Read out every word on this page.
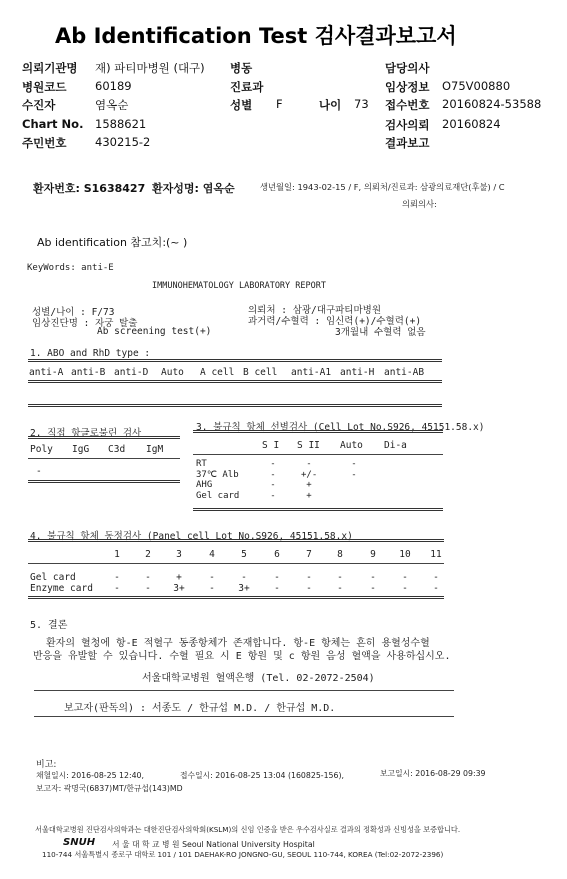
Ab Identification Test 검사결과보고서
의뢰기관명 재) 파티마병원 (대구)
병원코드 60189
수진자	염옥순
Chart No. 1588621
주민번호 430215-2
병동
진료과
성별 F	나이 73
담당의사
임상정보 O75V00880
접수번호 20160824-53588
검사의뢰 20160824
결과보고
환자번호: S1638427 환자성명: 염옥순	생년월일: 1943-02-15 / F, 의뢰처/진료과: 삼광의료재단(후불) / C
의뢰의사:
Ab identification 참고치:(~ )
KeyWords: anti-E
IMMUNOHEMATOLOGY LABORATORY REPORT
성별/나이 : F/73
임상진단명 : 자궁 탈출
Ab screening test(+)
의뢰처 : 삼광/대구파티마병원
과거력/수혈력 : 임신력(+)/수혈력(+)
3개월내 수혈력 없음
1. ABO and RhD type :
anti-A anti-B anti-D Auto A cell B cell anti-A1 anti-H anti-AB
2. 직접 항글로불린 검사
Poly IgG C3d IgM
-
3. 불규칙 항체 선별검사 (Cell Lot No.S926, 45151.58.x)
S I S II Auto Di-a
RT	-	-	-
37℃ Alb	-	+/-	-
AHG	-	+
Gel card	-	+
4. 불규칙 항체 동정검사 (Panel cell Lot No.S926, 45151.58.x)
1	2	3	4	5	6	7	8	9	10	11
Gel card	-	-	+	-	-	-	-	-	-	-	-
Enzyme card	-	-	3+	-	3+	-	-	-	-	-	-
5. 결론
환자의 혈청에 항-E 적혈구 동종항체가 존재합니다. 항-E 항체는 흔히 용혈성수혈
반응을 유발할 수 있습니다. 수혈 필요 시 E 항원 및 c 항원 음성 혈액을 사용하십시오.
서울대학교병원 혈액은행 (Tel. 02-2072-2504)
보고자(판독의) : 서종도 / 한규섭 M.D. / 한규섭 M.D.
비고:
채혈일시: 2016-08-25 12:40,	접수일시: 2016-08-25 13:04 (160825-156),	보고일시: 2016-08-29 09:39
보고자: 곽명국(6837)MT/한규섭(143)MD
서울대학교병원 진단검사의학과는 대한진단검사의학회(KSLM)의 신임 인증을 받은 우수검사실로 결과의 정확성과 신빙성을 보증합니다.
SNUH 서 울 대 학 교 병 원 Seoul National University Hospital
110-744 서울특별시 종로구 대학로 101 / 101 DAEHAK-RO JONGNO-GU, SEOUL 110-744, KOREA (Tel:02-2072-2396)
